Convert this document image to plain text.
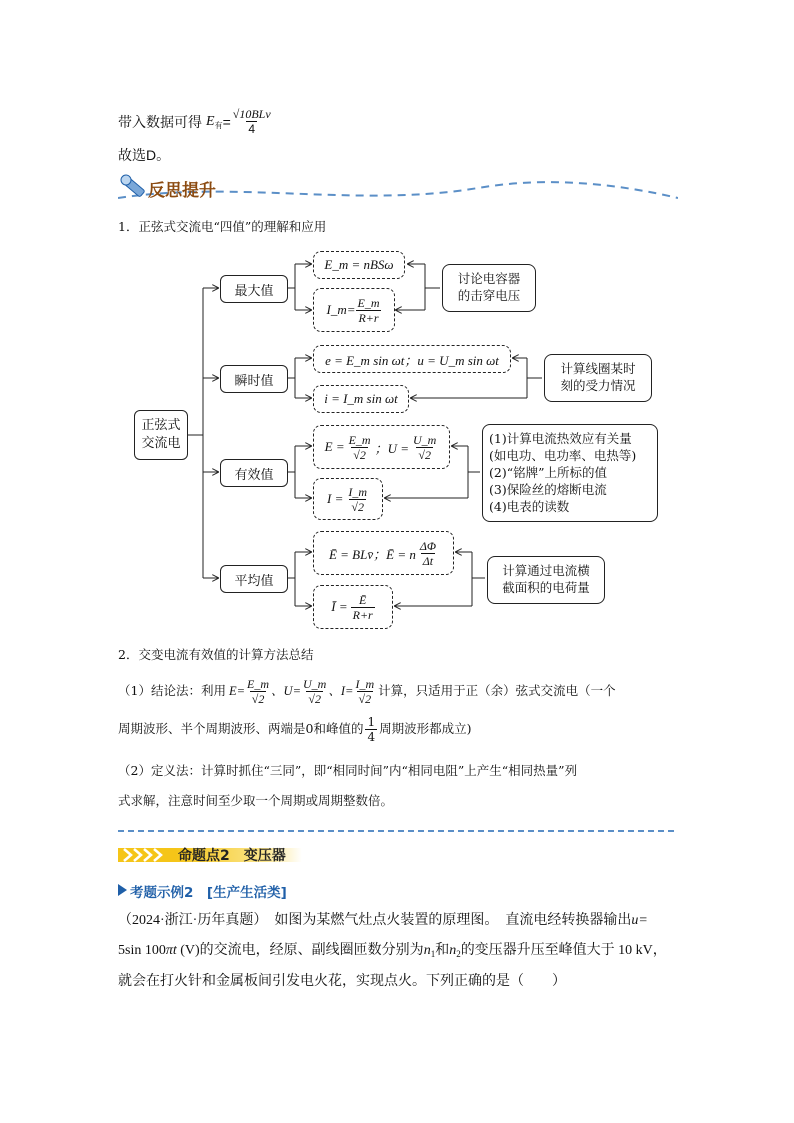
带入数据可得 E 有 = $\frac{\text{√10BLv}}{4}$
故选D。
反思提升
1．正弦式交流电“四值”的理解和应用
正弦式
交流电
最大值
瞬时值
有效值
平均值
E_m = nBSω
I_m= $\frac{E\_m}{R+r}$
讨论电容器
的击穿电压
e = E_m sin ωt；u = U_m sin ωt
i = I_m sin ωt
计算线圈某时
刻的受力情况
$E = \frac{E\_m}{√2}$ ；$U = \frac{U\_m}{√2}$
$I = \frac{I\_m}{√2}$
(1)计算电流热效应有关量
(如电功、电功率、电热等)
(2)“铭牌”上所标的值
(3)保险丝的熔断电流
(4)电表的读数
Ē = BLv̄；Ē = n $\frac{\Delta\Phi}{\Delta t}$
Ī = $\frac{Ē}{R+r}$
计算通过电流横
截面积的电荷量
2．交变电流有效值的计算方法总结
（1）结论法：利用 $E= \frac{E\_m}{√2}$ 、$U= \frac{U\_m}{√2}$ 、$I= \frac{I\_m}{√2}$ 计算，只适用于正（余）弦式交流电（一个
周期波形、半个周期波形、两端是0和峰值的 $\frac{1}{4}$ 周期波形都成立)
（2）定义法：计算时抓住“三同”，即“相同时间”内“相同电阻”上产生“相同热量”列
式求解，注意时间至少取一个周期或周期整数倍。
命题点2　变压器
考题示例2　[生产生活类]
（2024·浙江·历年真题）　如图为某燃气灶点火装置的原理图。　直流电经转换器输出u=
5sin 100πt (V)的交流电，经原、副线圈匝数分别为$n_1$和$n_2$的变压器升压至峰值大于 10 kV，
就会在打火针和金属板间引发电火花，实现点火。下列正确的是（　　）
